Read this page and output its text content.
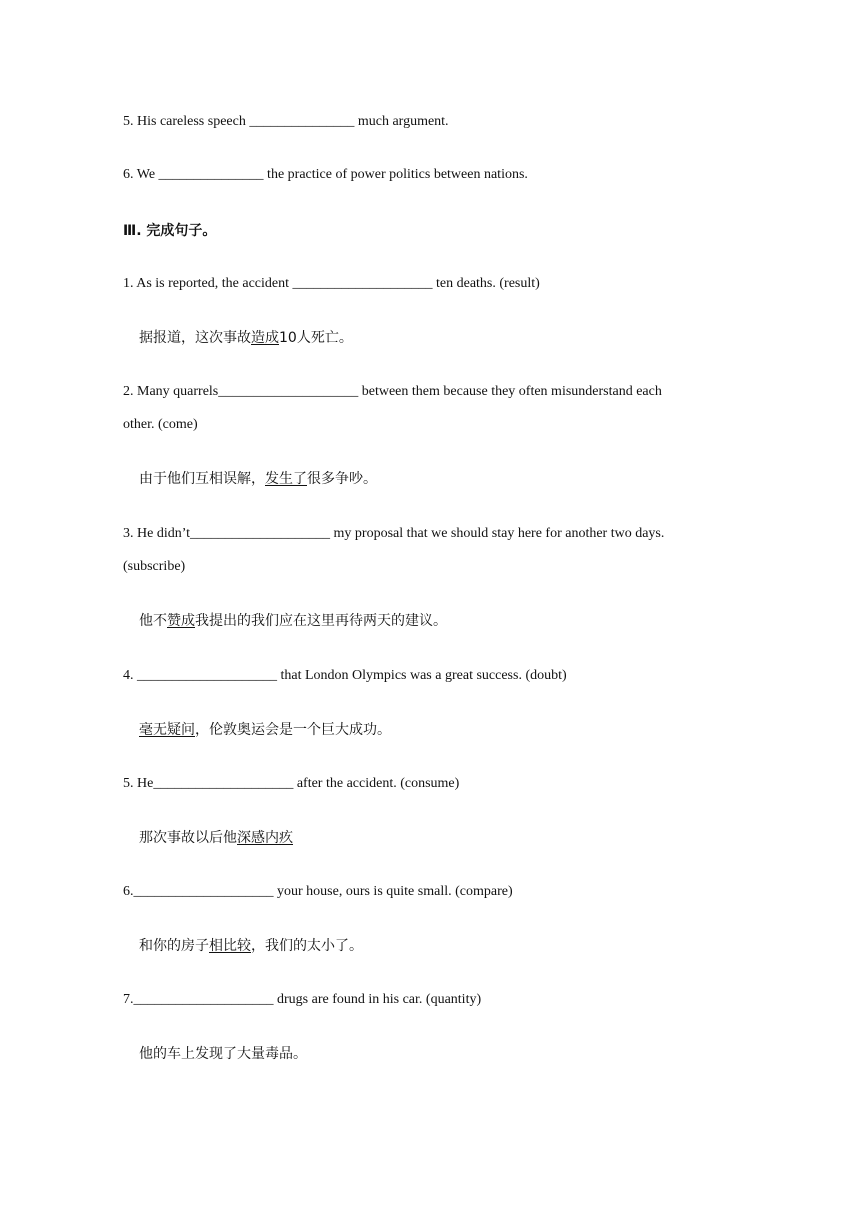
5. His careless speech _______________ much argument.
6. We _______________ the practice of power politics between nations.
Ⅲ. 完成句子。
1. As is reported, the accident ____________________ ten deaths. (result)
据报道，这次事故造成10人死亡。
2. Many quarrels____________________ between them because they often misunderstand each
other. (come)
由于他们互相误解，发生了很多争吵。
3. He didn’t____________________ my proposal that we should stay here for another two days.
(subscribe)
他不赞成我提出的我们应在这里再待两天的建议。
4. ____________________ that London Olympics was a great success. (doubt)
毫无疑问，伦敦奥运会是一个巨大成功。
5. He____________________ after the accident. (consume)
那次事故以后他深感内疚
6.____________________ your house, ours is quite small. (compare)
和你的房子相比较，我们的太小了。
7.____________________ drugs are found in his car. (quantity)
他的车上发现了大量毒品。
